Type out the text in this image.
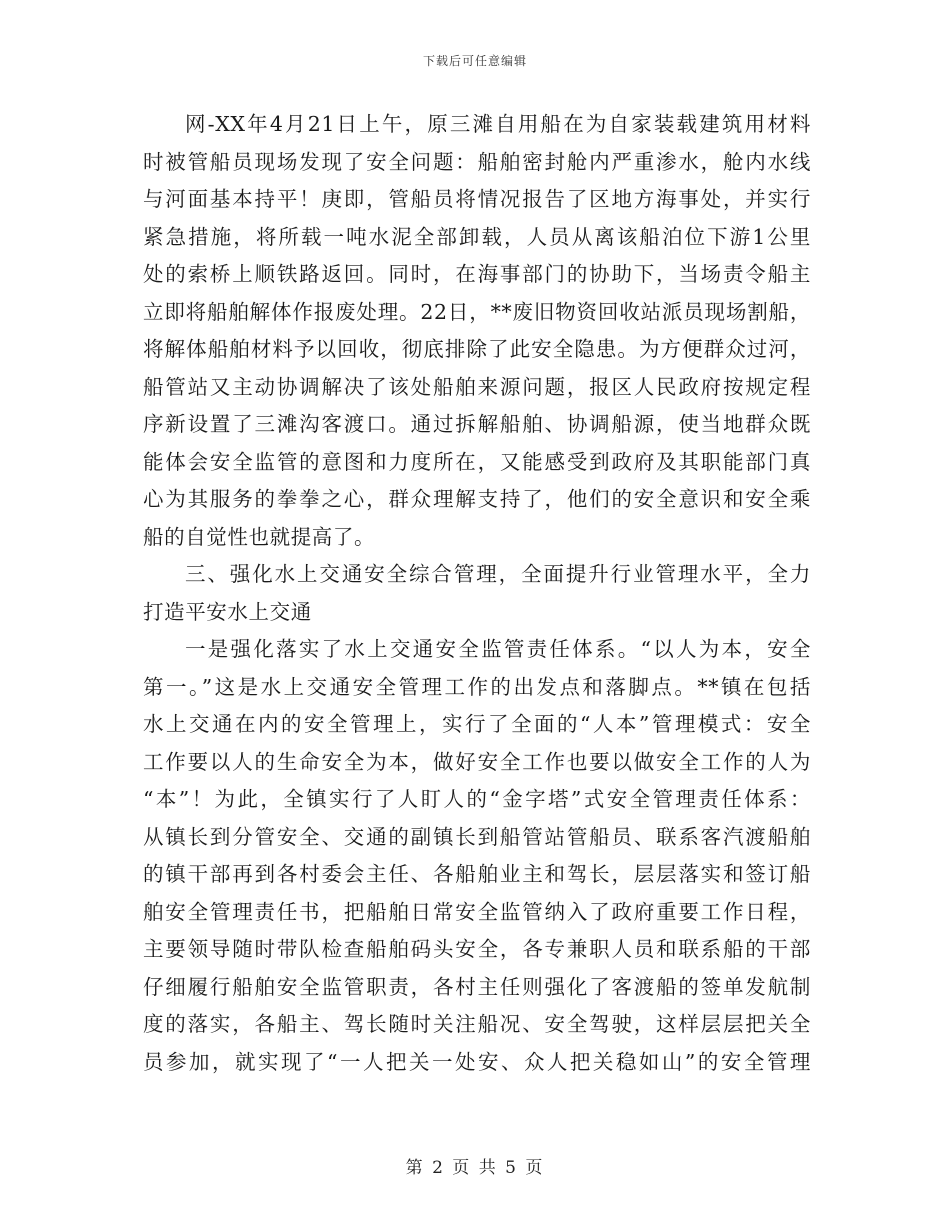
下载后可任意编辑
网-XX年4月21日上午，原三滩自用船在为自家装载建筑用材料
时被管船员现场发现了安全问题：船舶密封舱内严重渗水，舱内水线
与河面基本持平！庚即，管船员将情况报告了区地方海事处，并实行
紧急措施，将所载一吨水泥全部卸载，人员从离该船泊位下游1公里
处的索桥上顺铁路返回。同时，在海事部门的协助下，当场责令船主
立即将船舶解体作报废处理。22日，**废旧物资回收站派员现场割船，
将解体船舶材料予以回收，彻底排除了此安全隐患。为方便群众过河，
船管站又主动协调解决了该处船舶来源问题，报区人民政府按规定程
序新设置了三滩沟客渡口。通过拆解船舶、协调船源，使当地群众既
能体会安全监管的意图和力度所在，又能感受到政府及其职能部门真
心为其服务的拳拳之心，群众理解支持了，他们的安全意识和安全乘
船的自觉性也就提高了。
三、强化水上交通安全综合管理，全面提升行业管理水平，全力
打造平安水上交通
一是强化落实了水上交通安全监管责任体系。“以人为本，安全
第一。”这是水上交通安全管理工作的出发点和落脚点。**镇在包括
水上交通在内的安全管理上，实行了全面的“人本”管理模式：安全
工作要以人的生命安全为本，做好安全工作也要以做安全工作的人为
“本”！为此，全镇实行了人盯人的“金字塔”式安全管理责任体系：
从镇长到分管安全、交通的副镇长到船管站管船员、联系客汽渡船舶
的镇干部再到各村委会主任、各船舶业主和驾长，层层落实和签订船
舶安全管理责任书，把船舶日常安全监管纳入了政府重要工作日程，
主要领导随时带队检查船舶码头安全，各专兼职人员和联系船的干部
仔细履行船舶安全监管职责，各村主任则强化了客渡船的签单发航制
度的落实，各船主、驾长随时关注船况、安全驾驶，这样层层把关全
员参加，就实现了“一人把关一处安、众人把关稳如山”的安全管理
第 2 页 共 5 页
